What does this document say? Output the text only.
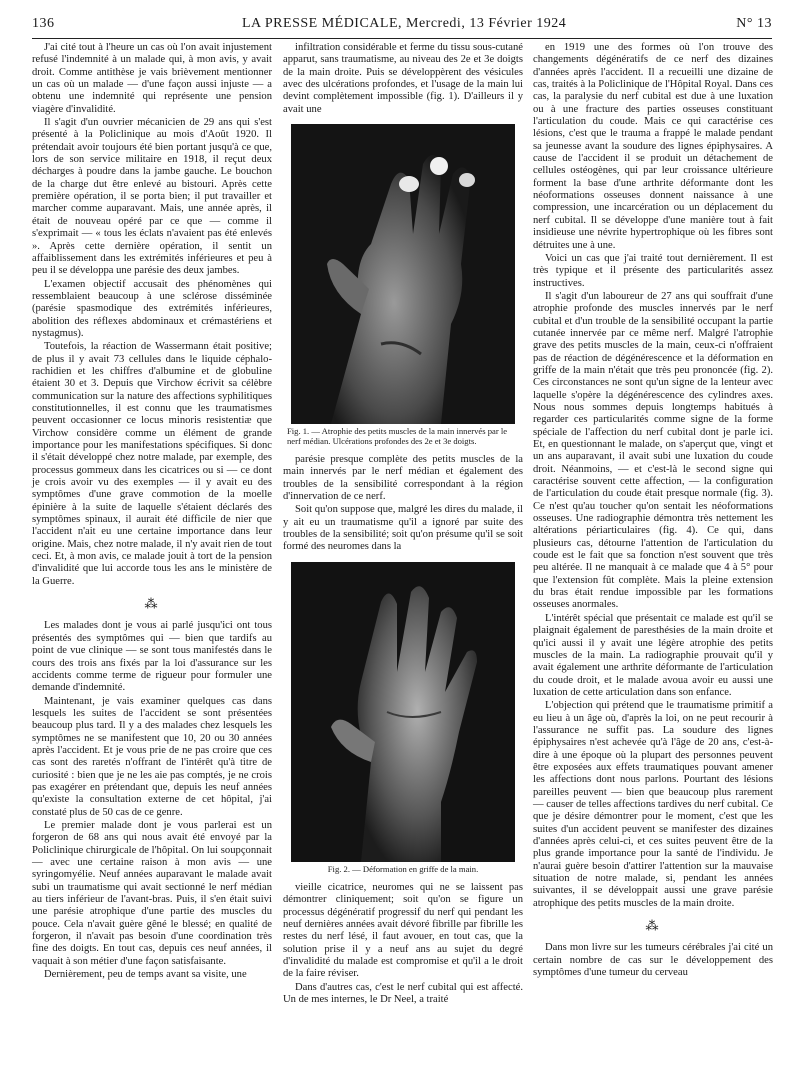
136	LA PRESSE MÉDICALE, Mercredi, 13 Février 1924	N° 13

J'ai cité tout à l'heure un cas où l'on avait injustement refusé l'indemnité à un malade qui, à mon avis, y avait droit. Comme antithèse je vais brièvement mentionner un cas où un malade — d'une façon aussi injuste — a obtenu une indemnité qui représente une pension viagère d'invalidité.

Il s'agit d'un ouvrier mécanicien de 29 ans qui s'est présenté à la Policlinique au mois d'Août 1920. Il prétendait avoir toujours été bien portant jusqu'à ce que, lors de son service militaire en 1918, il reçut deux décharges à poudre dans la jambe gauche. Le bouchon de la charge dut être enlevé au bistouri. Après cette première opération, il se porta bien; il put travailler et marcher comme auparavant. Mais, une année après, il était de nouveau opéré par ce que — comme il s'exprimait — « tous les éclats n'avaient pas été enlevés ». Après cette dernière opération, il sentit un affaiblissement dans les extrémités inférieures et peu à peu il se développa une parésie des deux jambes.

L'examen objectif accusait des phénomènes qui ressemblaient beaucoup à une sclérose disséminée (parésie spasmodique des extrémités inférieures, abolition des réflexes abdominaux et crémastériens et nystagmus).

Toutefois, la réaction de Wassermann était positive; de plus il y avait 73 cellules dans le liquide céphalo-rachidien et les chiffres d'albumine et de globuline étaient 30 et 3. Depuis que Virchow écrivit sa célèbre communication sur la nature des affections syphilitiques constitutionnelles, il est connu que les traumatismes peuvent occasionner ce locus minoris resistentiæ que Virchow considère comme un élément de grande importance pour les manifestations spécifiques. Si donc il s'était développé chez notre malade, par exemple, des processus gommeux dans les cicatrices ou si — ce dont je crois avoir vu des exemples — il y avait eu des symptômes d'une grave commotion de la moelle épinière à la suite de laquelle s'étaient déclarés des symptômes spinaux, il aurait été difficile de nier que l'accident n'ait eu une certaine importance dans leur origine. Mais, chez notre malade, il n'y avait rien de tout ceci. Et, à mon avis, ce malade jouit à tort de la pension d'invalidité que lui accorde tous les ans le ministère de la Guerre.

⁂

Les malades dont je vous ai parlé jusqu'ici ont tous présentés des symptômes qui — bien que tardifs au point de vue clinique — se sont tous manifestés dans le cours des trois ans fixés par la loi d'assurance sur les accidents comme terme de rigueur pour formuler une demande d'indemnité.

Maintenant, je vais examiner quelques cas dans lesquels les suites de l'accident se sont présentées beaucoup plus tard. Il y a des malades chez lesquels les symptômes ne se manifestent que 10, 20 ou 30 années après l'accident. Et je vous prie de ne pas croire que ces cas sont des raretés n'offrant de l'intérêt qu'à titre de curiosité : bien que je ne les aie pas comptés, je ne crois pas exagérer en prétendant que, depuis les neuf années qu'existe la consultation externe de cet hôpital, j'ai constaté plus de 50 cas de ce genre.

Le premier malade dont je vous parlerai est un forgeron de 68 ans qui nous avait été envoyé par la Policlinique chirurgicale de l'hôpital. On lui soupçonnait — avec une certaine raison à mon avis — une syringomyélie. Neuf années auparavant le malade avait subi un traumatisme qui avait sectionné le nerf médian au tiers inférieur de l'avant-bras. Puis, il s'en était suivi une parésie atrophique d'une partie des muscles du pouce. Cela n'avait guère gêné le blessé; en qualité de forgeron, il n'avait pas besoin d'une coordination très fine des doigts. En tout cas, depuis ces neuf années, il vaquait à son métier d'une façon satisfaisante.

Dernièrement, peu de temps avant sa visite, une

infiltration considérable et ferme du tissu sous-cutané apparut, sans traumatisme, au niveau des 2e et 3e doigts de la main droite. Puis se développèrent des vésicules avec des ulcérations profondes, et l'usage de la main lui devint complètement impossible (fig. 1). D'ailleurs il y avait une

Fig. 1. — Atrophie des petits muscles de la main innervés par le nerf médian. Ulcérations profondes des 2e et 3e doigts.

parésie presque complète des petits muscles de la main innervés par le nerf médian et également des troubles de la sensibilité correspondant à la région d'innervation de ce nerf.

Soit qu'on suppose que, malgré les dires du malade, il y ait eu un traumatisme qu'il a ignoré par suite des troubles de la sensibilité; soit qu'on présume qu'il se soit formé des neuromes dans la

Fig. 2. — Déformation en griffe de la main.

vieille cicatrice, neuromes qui ne se laissent pas démontrer cliniquement; soit qu'on se figure un processus dégénératif progressif du nerf qui pendant les neuf dernières années avait dévoré fibrille par fibrille les restes du nerf lésé, il faut avouer, en tout cas, que la solution prise il y a neuf ans au sujet du degré d'invalidité du malade est compromise et qu'il a le droit de la faire réviser.

Dans d'autres cas, c'est le nerf cubital qui est affecté. Un de mes internes, le Dr Neel, a traité

en 1919 une des formes où l'on trouve des changements dégénératifs de ce nerf des dizaines d'années après l'accident. Il a recueilli une dizaine de cas, traités à la Policlinique de l'Hôpital Royal. Dans ces cas, la paralysie du nerf cubital est due à une luxation ou à une fracture des parties osseuses constituant l'articulation du coude. Mais ce qui caractérise ces lésions, c'est que le trauma a frappé le malade pendant sa jeunesse avant la soudure des lignes épiphysaires. A cause de l'accident il se produit un détachement de cellules ostéogènes, qui par leur croissance ultérieure forment la base d'une arthrite déformante dont les néoformations osseuses donnent naissance à une compression, une incarcération ou un déplacement du nerf cubital. Il se développe d'une manière tout à fait insidieuse une névrite hypertrophique où les fibres sont détruites une à une.

Voici un cas que j'ai traité tout dernièrement. Il est très typique et il présente des particularités assez instructives.

Il s'agit d'un laboureur de 27 ans qui souffrait d'une atrophie profonde des muscles innervés par le nerf cubital et d'un trouble de la sensibilité occupant la partie cutanée innervée par ce même nerf. Malgré l'atrophie grave des petits muscles de la main, ceux-ci n'offraient pas de réaction de dégénérescence et la déformation en griffe de la main n'était que très peu prononcée (fig. 2). Ces circonstances ne sont qu'un signe de la lenteur avec laquelle s'opère la dégénérescence des cylindres axes. Nous nous sommes depuis longtemps habitués à regarder ces particularités comme signe de la forme spéciale de l'affection du nerf cubital dont je parle ici. Et, en questionnant le malade, on s'aperçut que, vingt et un ans auparavant, il avait subi une luxation du coude droit. Néanmoins, — et c'est-là le second signe qui caractérise souvent cette affection, — la configuration de l'articulation du coude était presque normale (fig. 3). Ce n'est qu'au toucher qu'on sentait les néoformations osseuses. Une radiographie démontra très nettement les altérations périarticulaires (fig. 4). Ce qui, dans plusieurs cas, détourne l'attention de l'articulation du coude est le fait que sa fonction n'est souvent que très peu altérée. Il ne manquait à ce malade que 4 à 5° pour que l'extension fût complète. Mais la pleine extension du bras était rendue impossible par les formations osseuses anormales.

L'intérêt spécial que présentait ce malade est qu'il se plaignait également de paresthésies de la main droite et qu'ici aussi il y avait une légère atrophie des petits muscles de la main. La radiographie prouvait qu'il y avait également une arthrite déformante de l'articulation du coude droit, et le malade avoua avoir eu aussi une luxation de cette articulation dans son enfance.

L'objection qui prétend que le traumatisme primitif a eu lieu à un âge où, d'après la loi, on ne peut recourir à l'assurance ne suffit pas. La soudure des lignes épiphysaires n'est achevée qu'à l'âge de 20 ans, c'est-à-dire à une époque où la plupart des personnes peuvent être exposées aux effets traumatiques pouvant amener les affections dont nous parlons. Pourtant des lésions pareilles peuvent — bien que beaucoup plus rarement — causer de telles affections tardives du nerf cubital. Ce que je désire démontrer pour le moment, c'est que les suites d'un accident peuvent se manifester des dizaines d'années après celui-ci, et ces suites peuvent être de la plus grande importance pour la santé de l'individu. Je n'aurai guère besoin d'attirer l'attention sur la mauvaise situation de notre malade, si, pendant les années suivantes, il se développait aussi une grave parésie atrophique des petits muscles de la main droite.

⁂

Dans mon livre sur les tumeurs cérébrales j'ai cité un certain nombre de cas sur le développement des symptômes d'une tumeur du cerveau
